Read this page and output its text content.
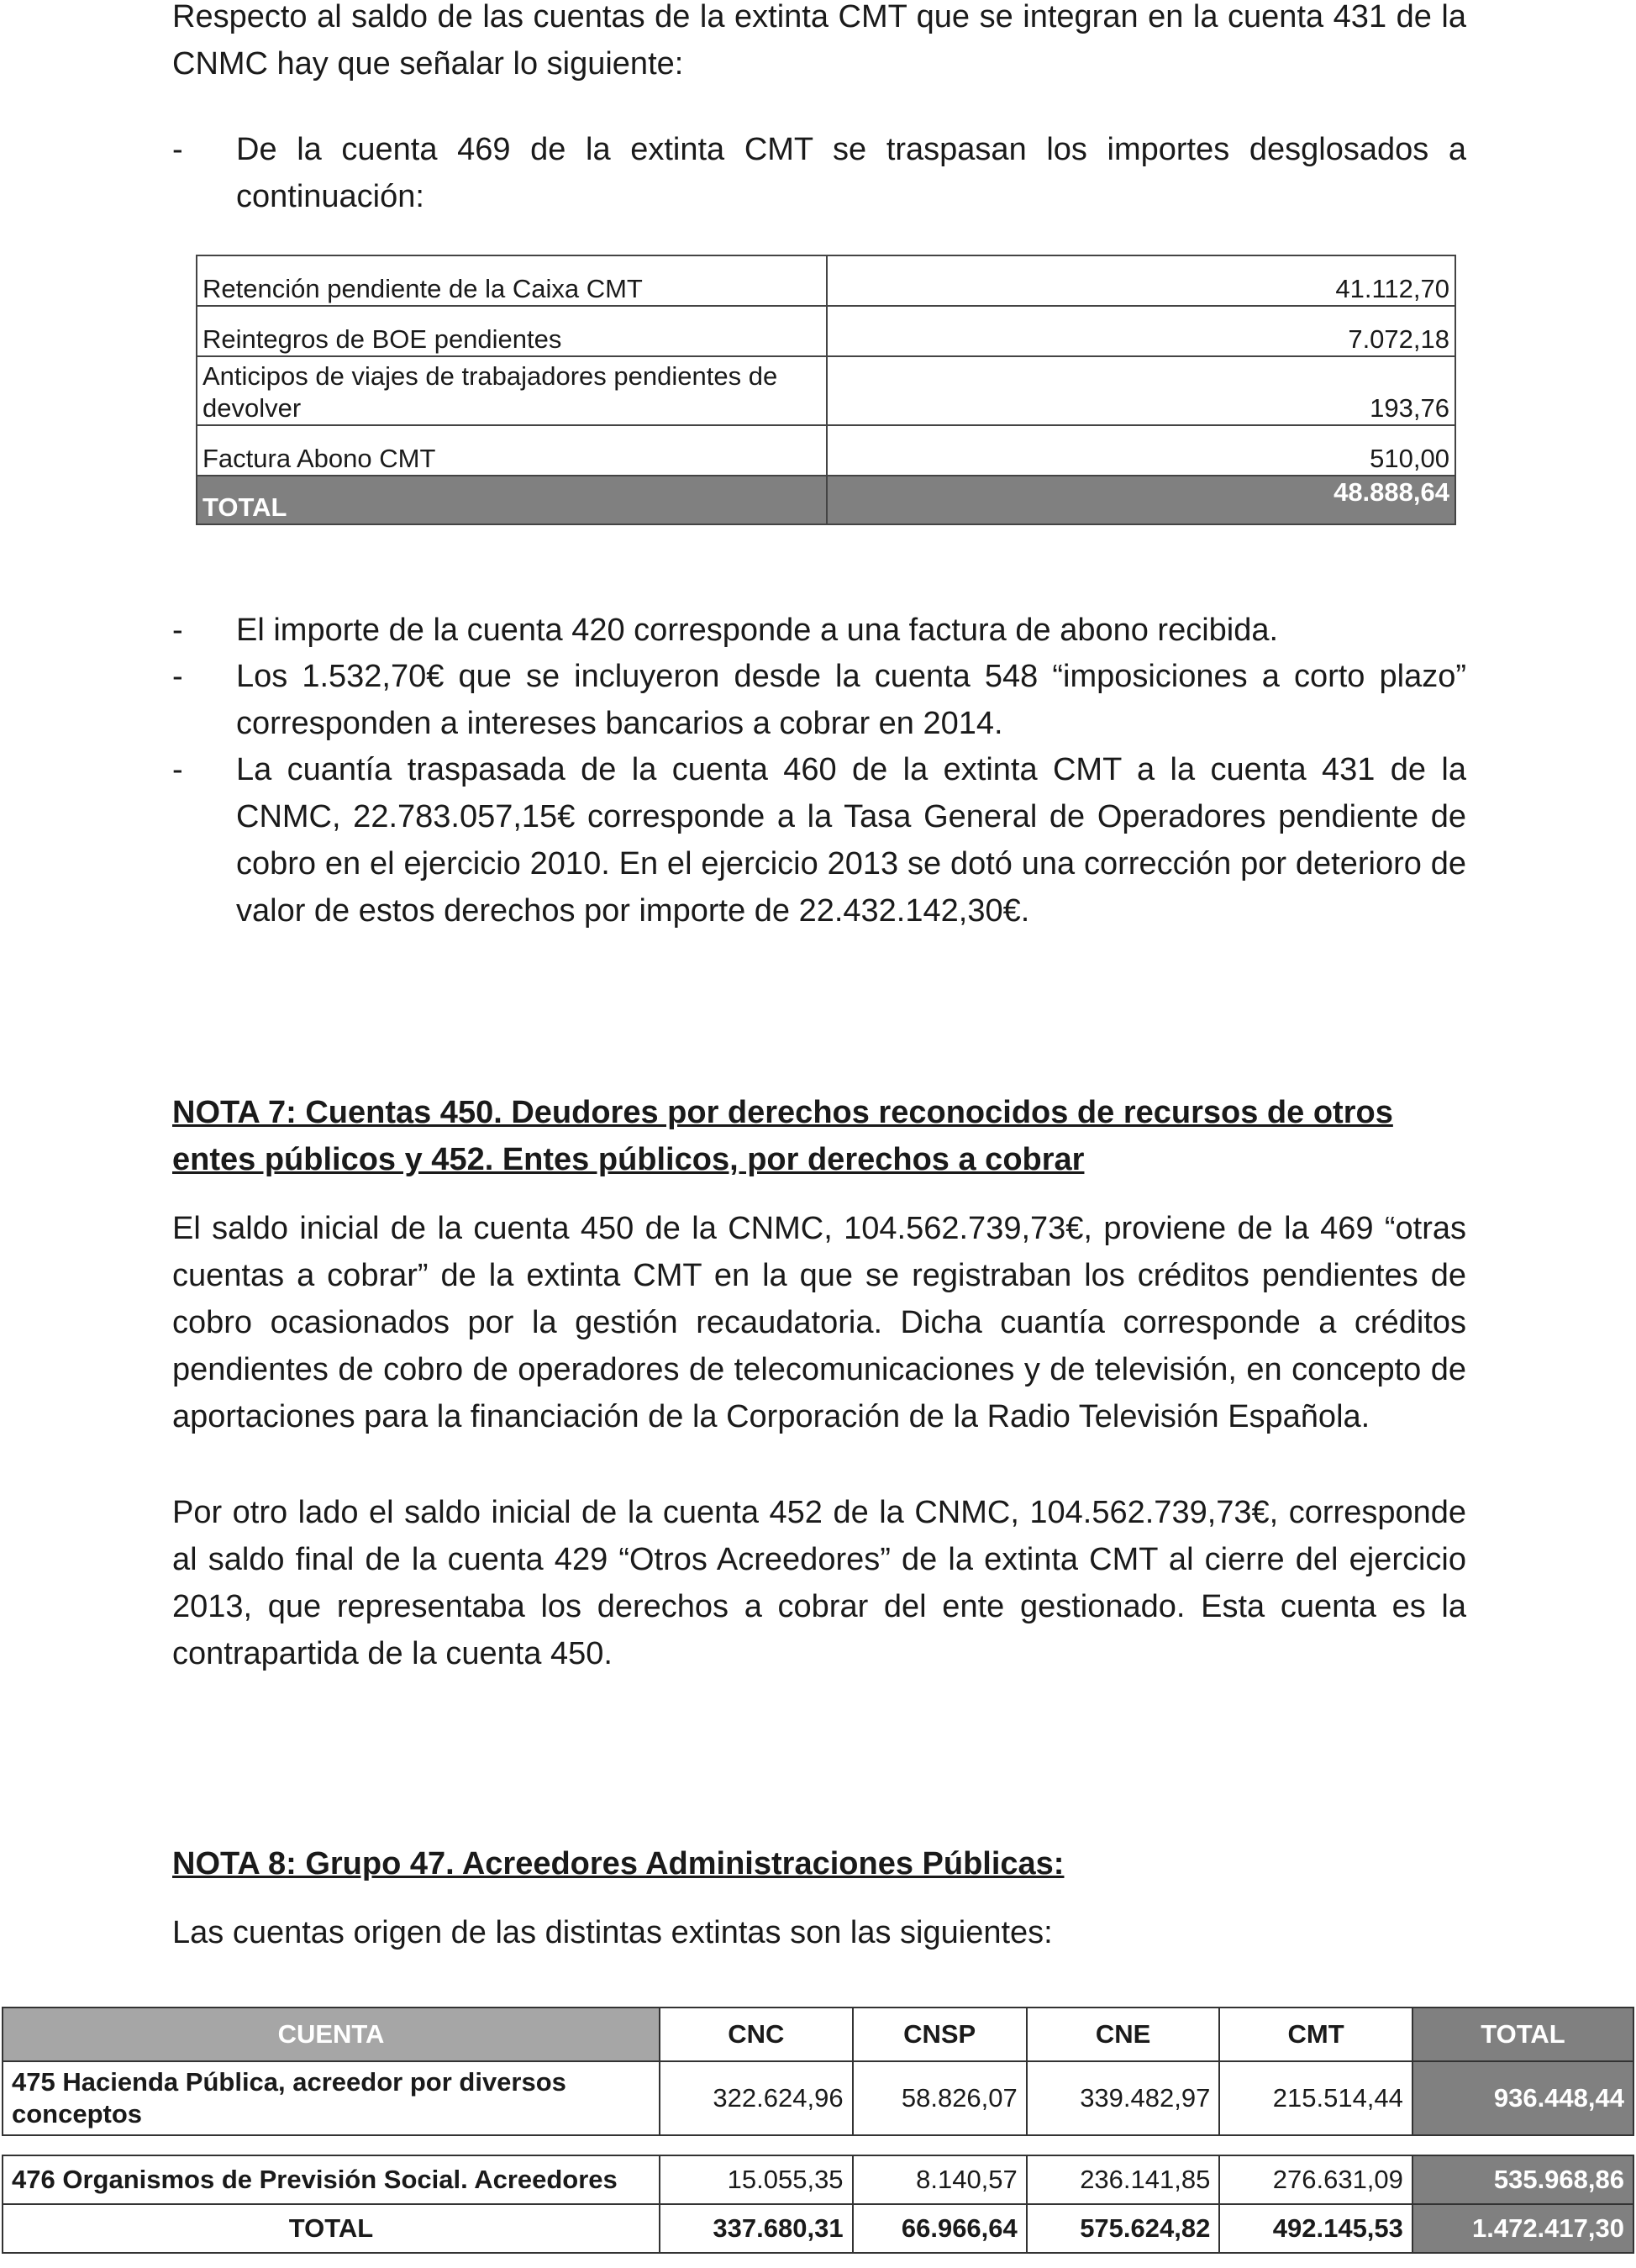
Respecto al saldo de las cuentas de la extinta CMT que se integran en la cuenta 431 de la CNMC hay que señalar lo siguiente:

-	De la cuenta 469 de la extinta CMT se traspasan los importes desglosados a continuación:
Retención pendiente de la Caixa CMT	41.112,70
Reintegros de BOE pendientes	7.072,18
Anticipos de viajes de trabajadores pendientes de devolver	193,76
Factura Abono CMT	510,00
TOTAL	48.888,64
-	El importe de la cuenta 420 corresponde a una factura de abono recibida.
-	Los 1.532,70€ que se incluyeron desde la cuenta 548 “imposiciones a corto plazo” corresponden a intereses bancarios a cobrar en 2014.
-	La cuantía traspasada de la cuenta 460 de la extinta CMT a la cuenta 431 de la CNMC, 22.783.057,15€ corresponde a la Tasa General de Operadores pendiente de cobro en el ejercicio 2010. En el ejercicio 2013 se dotó una corrección por deterioro de valor de estos derechos por importe de 22.432.142,30€.

NOTA 7: Cuentas 450. Deudores por derechos reconocidos de recursos de otros entes públicos y 452. Entes públicos, por derechos a cobrar

El saldo inicial de la cuenta 450 de la CNMC, 104.562.739,73€, proviene de la 469 “otras cuentas a cobrar” de la extinta CMT en la que se registraban los créditos pendientes de cobro ocasionados por la gestión recaudatoria. Dicha cuantía corresponde a créditos pendientes de cobro de operadores de telecomunicaciones y de televisión, en concepto de aportaciones para la financiación de la Corporación de la Radio Televisión Española.

Por otro lado el saldo inicial de la cuenta 452 de la CNMC, 104.562.739,73€, corresponde al saldo final de la cuenta 429 “Otros Acreedores” de la extinta CMT al cierre del ejercicio 2013, que representaba los derechos a cobrar del ente gestionado. Esta cuenta es la contrapartida de la cuenta 450.

NOTA 8: Grupo 47. Acreedores Administraciones Públicas:

Las cuentas origen de las distintas extintas son las siguientes:

CUENTA	CNC	CNSP	CNE	CMT	TOTAL
475 Hacienda Pública, acreedor por diversos conceptos	322.624,96	58.826,07	339.482,97	215.514,44	936.448,44

476 Organismos de Previsión Social. Acreedores	15.055,35	8.140,57	236.141,85	276.631,09	535.968,86
TOTAL	337.680,31	66.966,64	575.624,82	492.145,53	1.472.417,30
